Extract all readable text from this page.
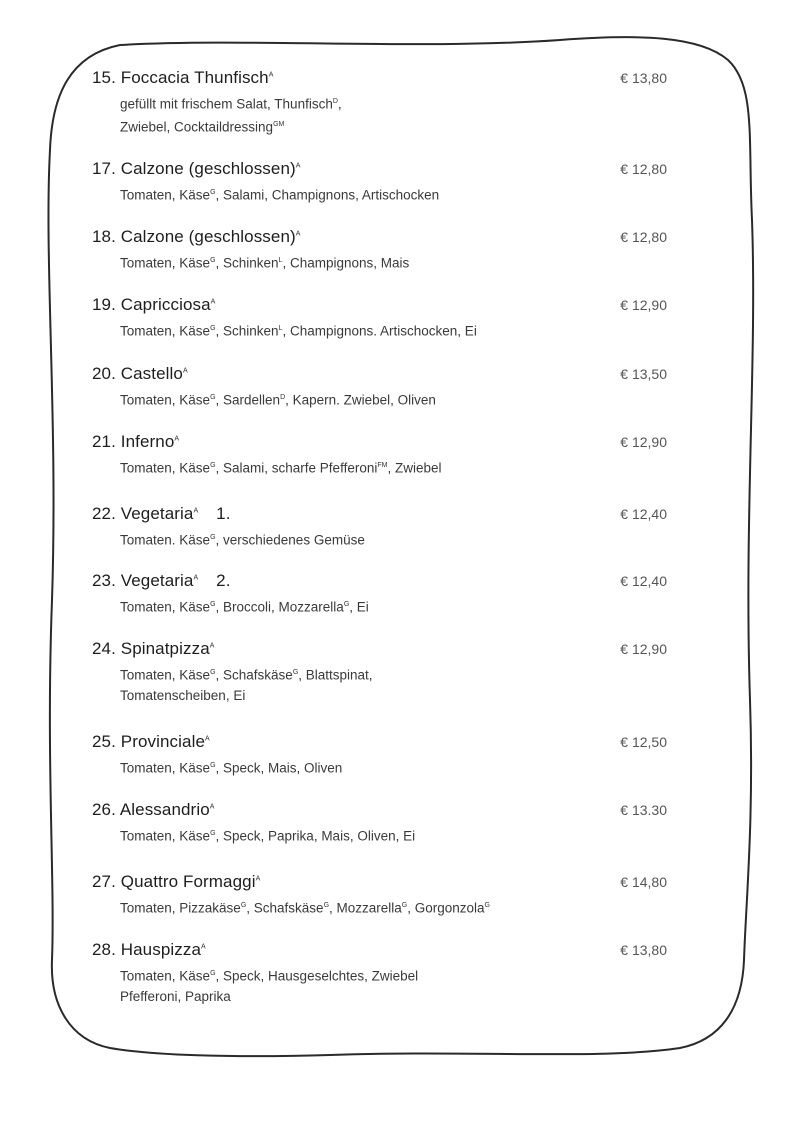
15. Foccacia Thunfisch$^A$	€ 13,80
gefüllt mit frischem Salat, Thunfisch$^D$,
Zwiebel, Cocktaildressing$^{GM}$
17. Calzone (geschlossen)$^A$	€ 12,80
Tomaten, Käse$^G$, Salami, Champignons, Artischocken
18. Calzone (geschlossen)$^A$	€ 12,80
Tomaten, Käse$^G$, Schinken$^L$, Champignons, Mais
19. Capricciosa$^A$	€ 12,90
Tomaten, Käse$^G$, Schinken$^L$, Champignons. Artischocken, Ei
20. Castello$^A$	€ 13,50
Tomaten, Käse$^G$, Sardellen$^D$, Kapern. Zwiebel, Oliven
21. Inferno$^A$	€ 12,90
Tomaten, Käse$^G$, Salami, scharfe Pfefferoni$^{FM}$, Zwiebel
22. Vegetaria$^A$ 1.	€ 12,40
Tomaten. Käse$^G$, verschiedenes Gemüse
23. Vegetaria$^A$ 2.	€ 12,40
Tomaten, Käse$^G$, Broccoli, Mozzarella$^G$, Ei
24. Spinatpizza$^A$	€ 12,90
Tomaten, Käse$^G$, Schafskäse$^G$, Blattspinat,
Tomatenscheiben, Ei
25. Provinciale$^A$	€ 12,50
Tomaten, Käse$^G$, Speck, Mais, Oliven
26. Alessandrio$^A$	€ 13.30
Tomaten, Käse$^G$, Speck, Paprika, Mais, Oliven, Ei
27. Quattro Formaggi$^A$	€ 14,80
Tomaten, Pizzakäse$^G$, Schafskäse$^G$, Mozzarella$^G$, Gorgonzola$^G$
28. Hauspizza$^A$	€ 13,80
Tomaten, Käse$^G$, Speck, Hausgeselchtes, Zwiebel
Pfefferoni, Paprika
